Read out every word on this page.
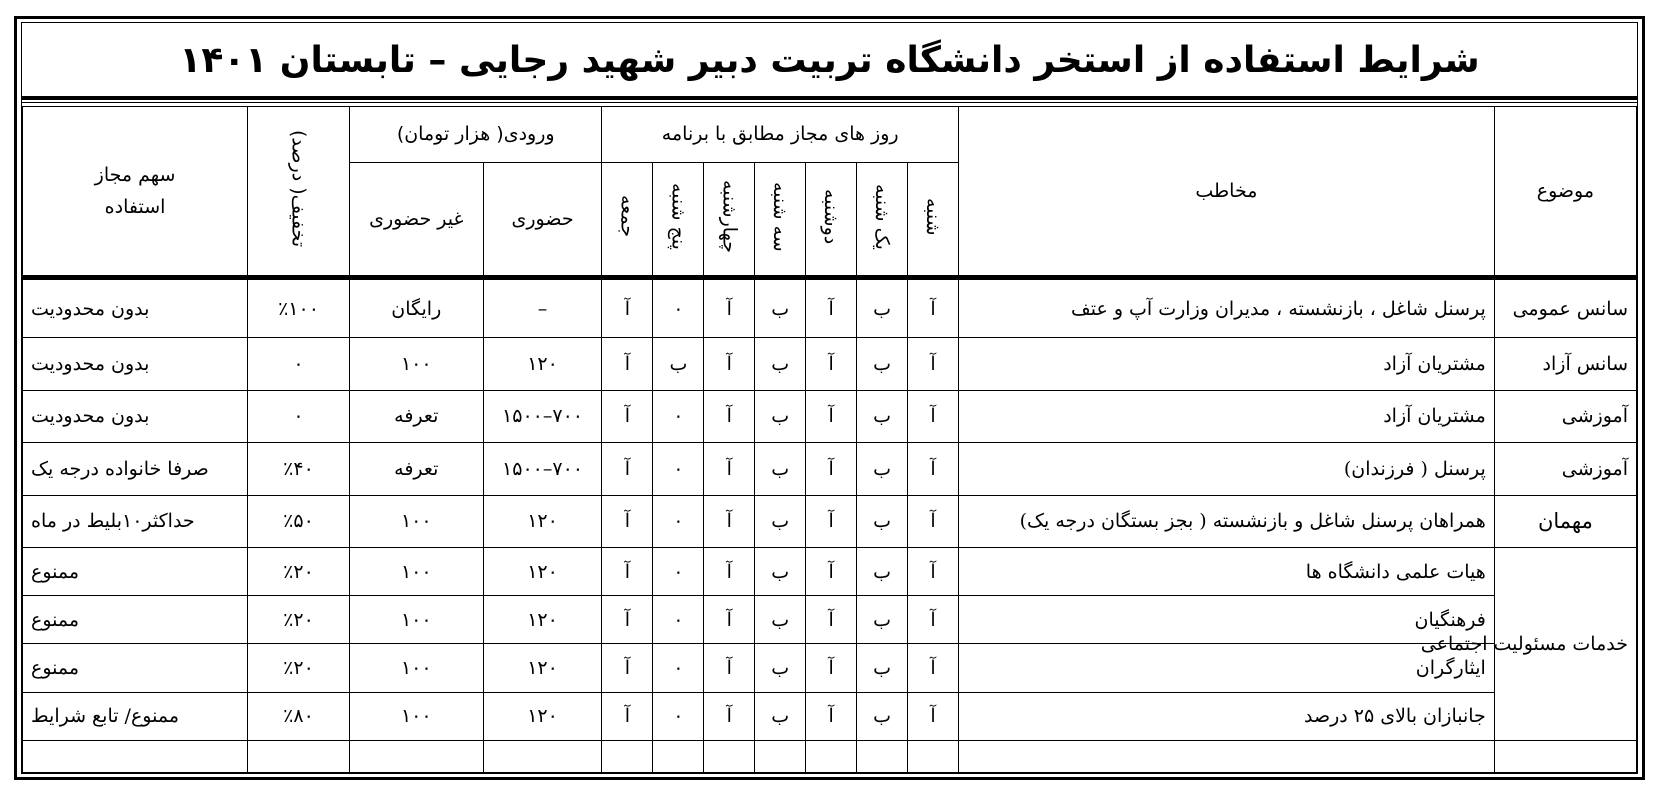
شرایط استفاده از استخر دانشگاه تربیت دبیر شهید رجایی – تابستان ۱۴۰۱
موضوع	مخاطب	روز های مجاز مطابق با برنامه							ورودی( هزار تومان)		تخفیف( درصد)	سهم مجاز
استفاده

		شنبه	یک شنبه	دوشنبه	سه شنبه	چهارشنبه	پنج شنبه	جمعه	حضوری	غیر حضوری		
سانس عمومی	پرسنل شاغل ، بازنشسته ، مدیران وزارت آپ و عتف	آ	ب	آ	ب	آ	٠	آ	–	رایگان	٪۱۰۰	بدون محدودیت
سانس آزاد	مشتریان آزاد	آ	ب	آ	ب	آ	ب	آ	۱۲۰	۱۰۰	٠	بدون محدودیت
آموزشی	مشتریان آزاد	آ	ب	آ	ب	آ	٠	آ	۷۰۰–۱۵۰۰	تعرفه	٠	بدون محدودیت
آموزشی	پرسنل ( فرزندان)	آ	ب	آ	ب	آ	٠	آ	۷۰۰–۱۵۰۰	تعرفه	٪۴۰	صرفا خانواده درجه یک
مهمان	همراهان پرسنل شاغل و بازنشسته ( بجز بستگان درجه یک)	آ	ب	آ	ب	آ	٠	آ	۱۲۰	۱۰۰	٪۵۰	حداکثر۱۰بلیط در ماه
خدمات مسئولیت اجتماعی	هیات علمی دانشگاه ها	آ	ب	آ	ب	آ	٠	آ	۱۲۰	۱۰۰	٪۲۰	ممنوع
	فرهنگیان	آ	ب	آ	ب	آ	٠	آ	۱۲۰	۱۰۰	٪۲۰	ممنوع
	ایثارگران	آ	ب	آ	ب	آ	٠	آ	۱۲۰	۱۰۰	٪۲۰	ممنوع
	جانبازان بالای ۲۵ درصد	آ	ب	آ	ب	آ	٠	آ	۱۲۰	۱۰۰	٪۸۰	ممنوع/ تابع شرایط
